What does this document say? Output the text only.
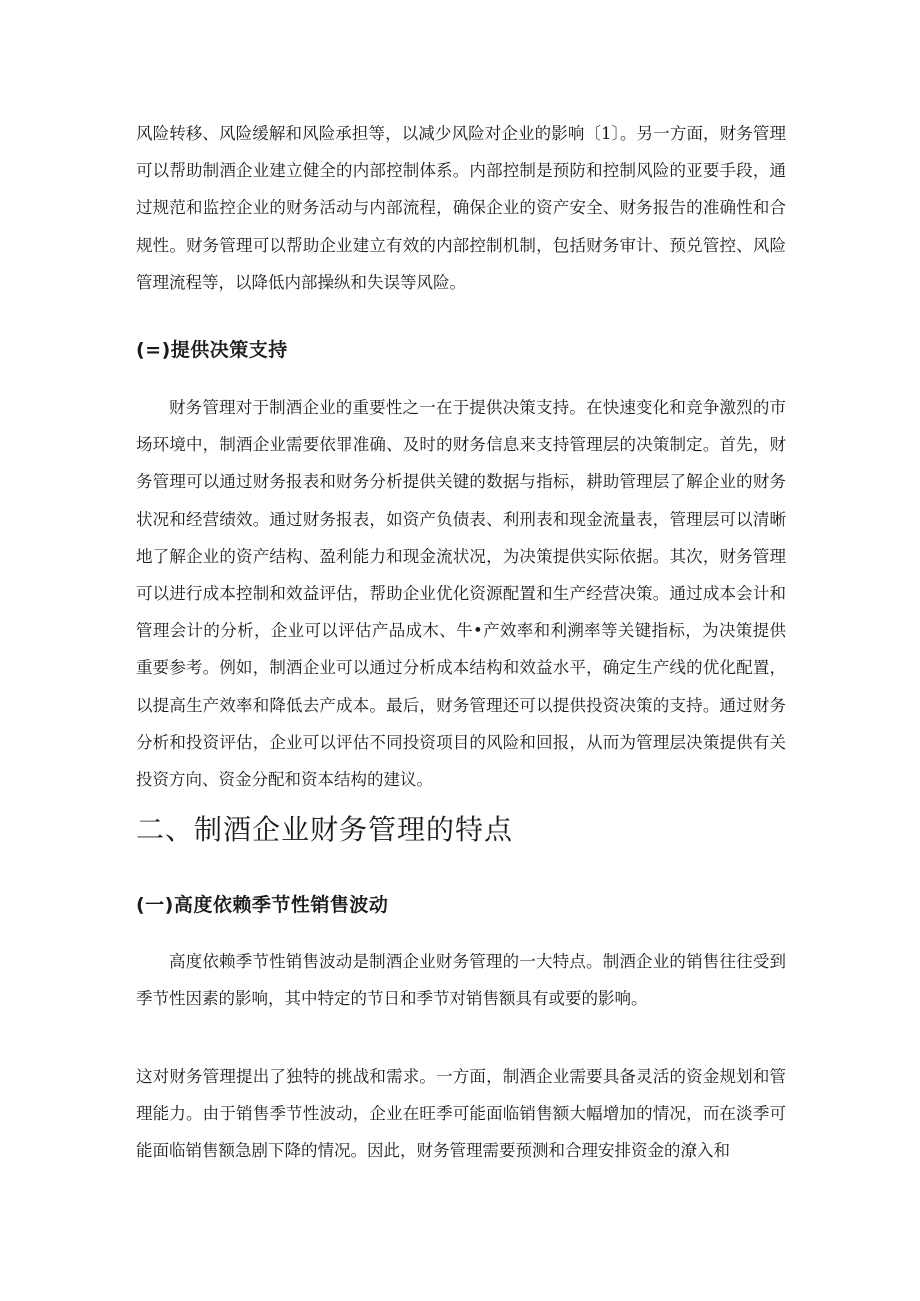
风险转移、风险缓解和风险承担等，以减少风险对企业的影响〔1〕。另一方面，财务管理可以帮助制酒企业建立健全的内部控制体系。内部控制是预防和控制风险的亚要手段，通过规范和监控企业的财务活动与内部流程，确保企业的资产安全、财务报告的准确性和合规性。财务管理可以帮助企业建立有效的内部控制机制，包括财务审计、预兑管控、风险管理流程等，以降低内部操纵和失误等风险。

(=)提供决策支持

财务管理对于制酒企业的重要性之一在于提供决策支持。在快速变化和竞争激烈的市场环境中，制酒企业需要依罪准确、及时的财务信息来支持管理层的决策制定。首先，财务管理可以通过财务报表和财务分析提供关键的数据与指标，耕助管理层了解企业的财务状况和经营绩效。通过财务报表，如资产负债表、利刑表和现金流量表，管理层可以清晰地了解企业的资产结构、盈利能力和现金流状况，为决策提供实际依据。其次，财务管理可以进行成本控制和效益评估，帮助企业优化资源配置和生产经营决策。通过成本会计和管理会计的分析，企业可以评估产品成木、牛•产效率和利溯率等关键指标，为决策提供重要参考。例如，制酒企业可以通过分析成本结构和效益水平，确定生产线的优化配置，以提高生产效率和降低去产成本。最后，财务管理还可以提供投资决策的支持。通过财务分析和投资评估，企业可以评估不同投资项目的风险和回报，从而为管理层决策提供有关投资方向、资金分配和资本结构的建议。

二、制酒企业财务管理的特点
(一)高度依赖季节性销售波动

高度依赖季节性销售波动是制酒企业财务管理的一大特点。制酒企业的销售往往受到季节性因素的影响，其中特定的节日和季节对销售额具有或要的影响。

这对财务管理提出了独特的挑战和需求。一方面，制酒企业需要具备灵活的资金规划和管理能力。由于销售季节性波动，企业在旺季可能面临销售额大幅增加的情况，而在淡季可能面临销售额急剧下降的情况。因此，财务管理需要预测和合理安排资金的潦入和
